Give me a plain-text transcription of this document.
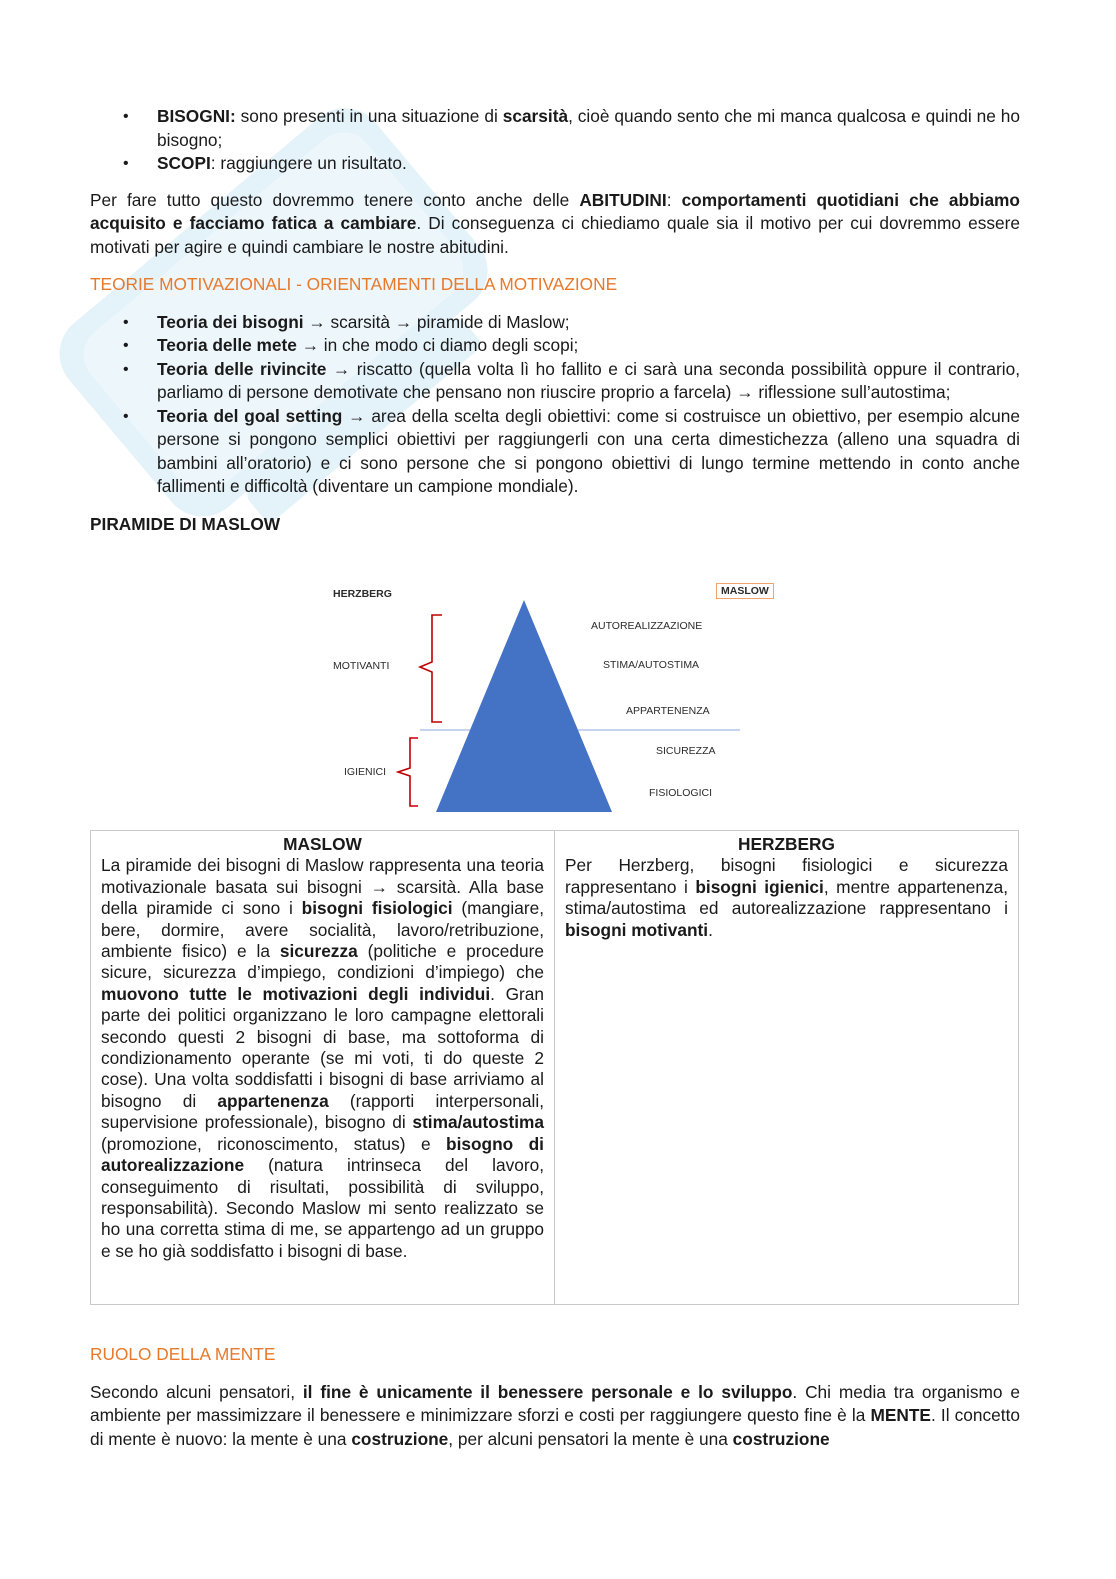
• BISOGNI: sono presenti in una situazione di scarsità, cioè quando sento che mi manca qualcosa e quindi ne ho bisogno;
• SCOPI: raggiungere un risultato.

Per fare tutto questo dovremmo tenere conto anche delle ABITUDINI: comportamenti quotidiani che abbiamo acquisito e facciamo fatica a cambiare. Di conseguenza ci chiediamo quale sia il motivo per cui dovremmo essere motivati per agire e quindi cambiare le nostre abitudini.

TEORIE MOTIVAZIONALI - ORIENTAMENTI DELLA MOTIVAZIONE

• Teoria dei bisogni → scarsità → piramide di Maslow;
• Teoria delle mete → in che modo ci diamo degli scopi;
• Teoria delle rivincite → riscatto (quella volta lì ho fallito e ci sarà una seconda possibilità oppure il contrario, parliamo di persone demotivate che pensano non riuscire proprio a farcela) → riflessione sull’autostima;
• Teoria del goal setting → area della scelta degli obiettivi: come si costruisce un obiettivo, per esempio alcune persone si pongono semplici obiettivi per raggiungerli con una certa dimestichezza (alleno una squadra di bambini all’oratorio) e ci sono persone che si pongono obiettivi di lungo termine mettendo in conto anche fallimenti e difficoltà (diventare un campione mondiale).

PIRAMIDE DI MASLOW

HERZBERG	MASLOW
MOTIVANTI
IGIENICI
AUTOREALIZZAZIONE
STIMA/AUTOSTIMA
APPARTENENZA
SICUREZZA
FISIOLOGICI
MASLOW
La piramide dei bisogni di Maslow rappresenta una teoria motivazionale basata sui bisogni → scarsità. Alla base della piramide ci sono i bisogni fisiologici (mangiare, bere, dormire, avere socialità, lavoro/retribuzione, ambiente fisico) e la sicurezza (politiche e procedure sicure, sicurezza d’impiego, condizioni d’impiego) che muovono tutte le motivazioni degli individui. Gran parte dei politici organizzano le loro campagne elettorali secondo questi 2 bisogni di base, ma sottoforma di condizionamento operante (se mi voti, ti do queste 2 cose). Una volta soddisfatti i bisogni di base arriviamo al bisogno di appartenenza (rapporti interpersonali, supervisione professionale), bisogno di stima/autostima (promozione, riconoscimento, status) e bisogno di autorealizzazione (natura intrinseca del lavoro, conseguimento di risultati, possibilità di sviluppo, responsabilità). Secondo Maslow mi sento realizzato se ho una corretta stima di me, se appartengo ad un gruppo e se ho già soddisfatto i bisogni di base.
HERZBERG
Per Herzberg, bisogni fisiologici e sicurezza rappresentano i bisogni igienici, mentre appartenenza, stima/autostima ed autorealizzazione rappresentano i bisogni motivanti.

RUOLO DELLA MENTE

Secondo alcuni pensatori, il fine è unicamente il benessere personale e lo sviluppo. Chi media tra organismo e ambiente per massimizzare il benessere e minimizzare sforzi e costi per raggiungere questo fine è la MENTE. Il concetto di mente è nuovo: la mente è una costruzione, per alcuni pensatori la mente è una costruzione
